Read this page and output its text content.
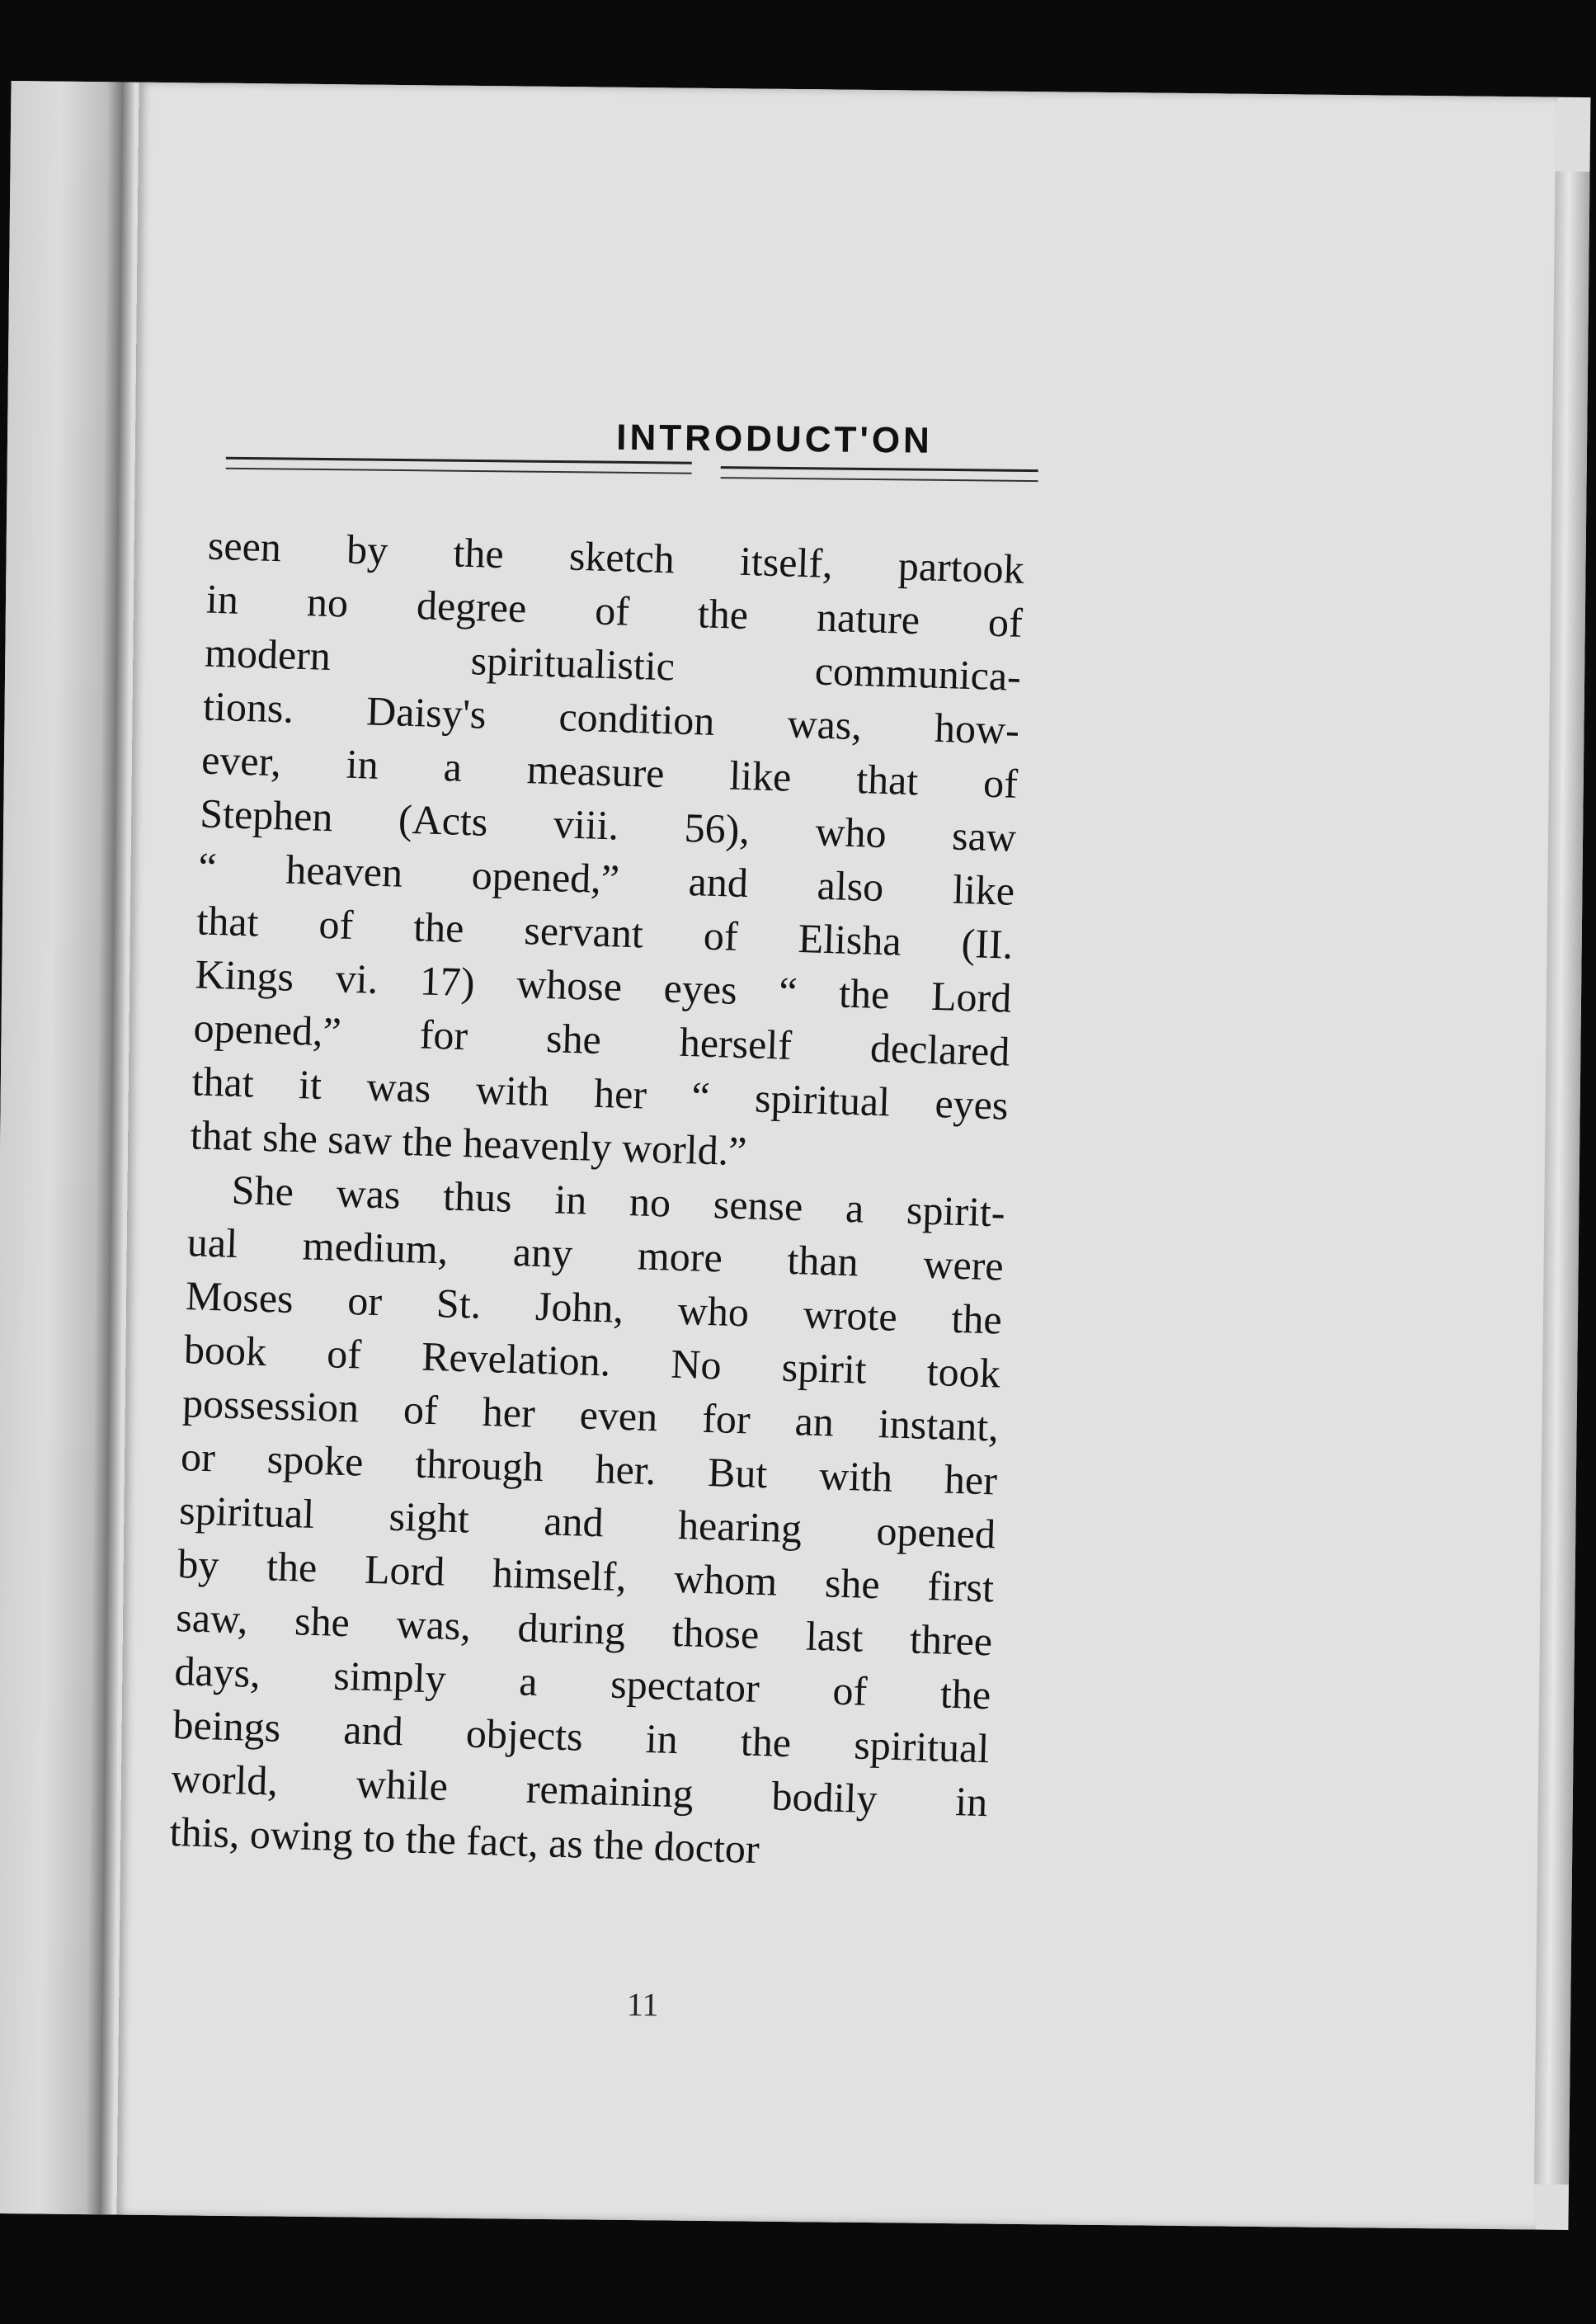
INTRODUCT'ON
seen by the sketch itself, partook
in no degree of the nature of
modern spiritualistic communica-
tions. Daisy's condition was, how-
ever, in a measure like that of
Stephen (Acts viii. 56), who saw
“ heaven opened,” and also like
that of the servant of Elisha (II.
Kings vi. 17) whose eyes “ the Lord
opened,” for she herself declared
that it was with her “ spiritual eyes
that she saw the heavenly world.”
She was thus in no sense a spirit-
ual medium, any more than were
Moses or St. John, who wrote the
book of Revelation. No spirit took
possession of her even for an instant,
or spoke through her. But with her
spiritual sight and hearing opened
by the Lord himself, whom she first
saw, she was, during those last three
days, simply a spectator of the
beings and objects in the spiritual
world, while remaining bodily in
this, owing to the fact, as the doctor
11
